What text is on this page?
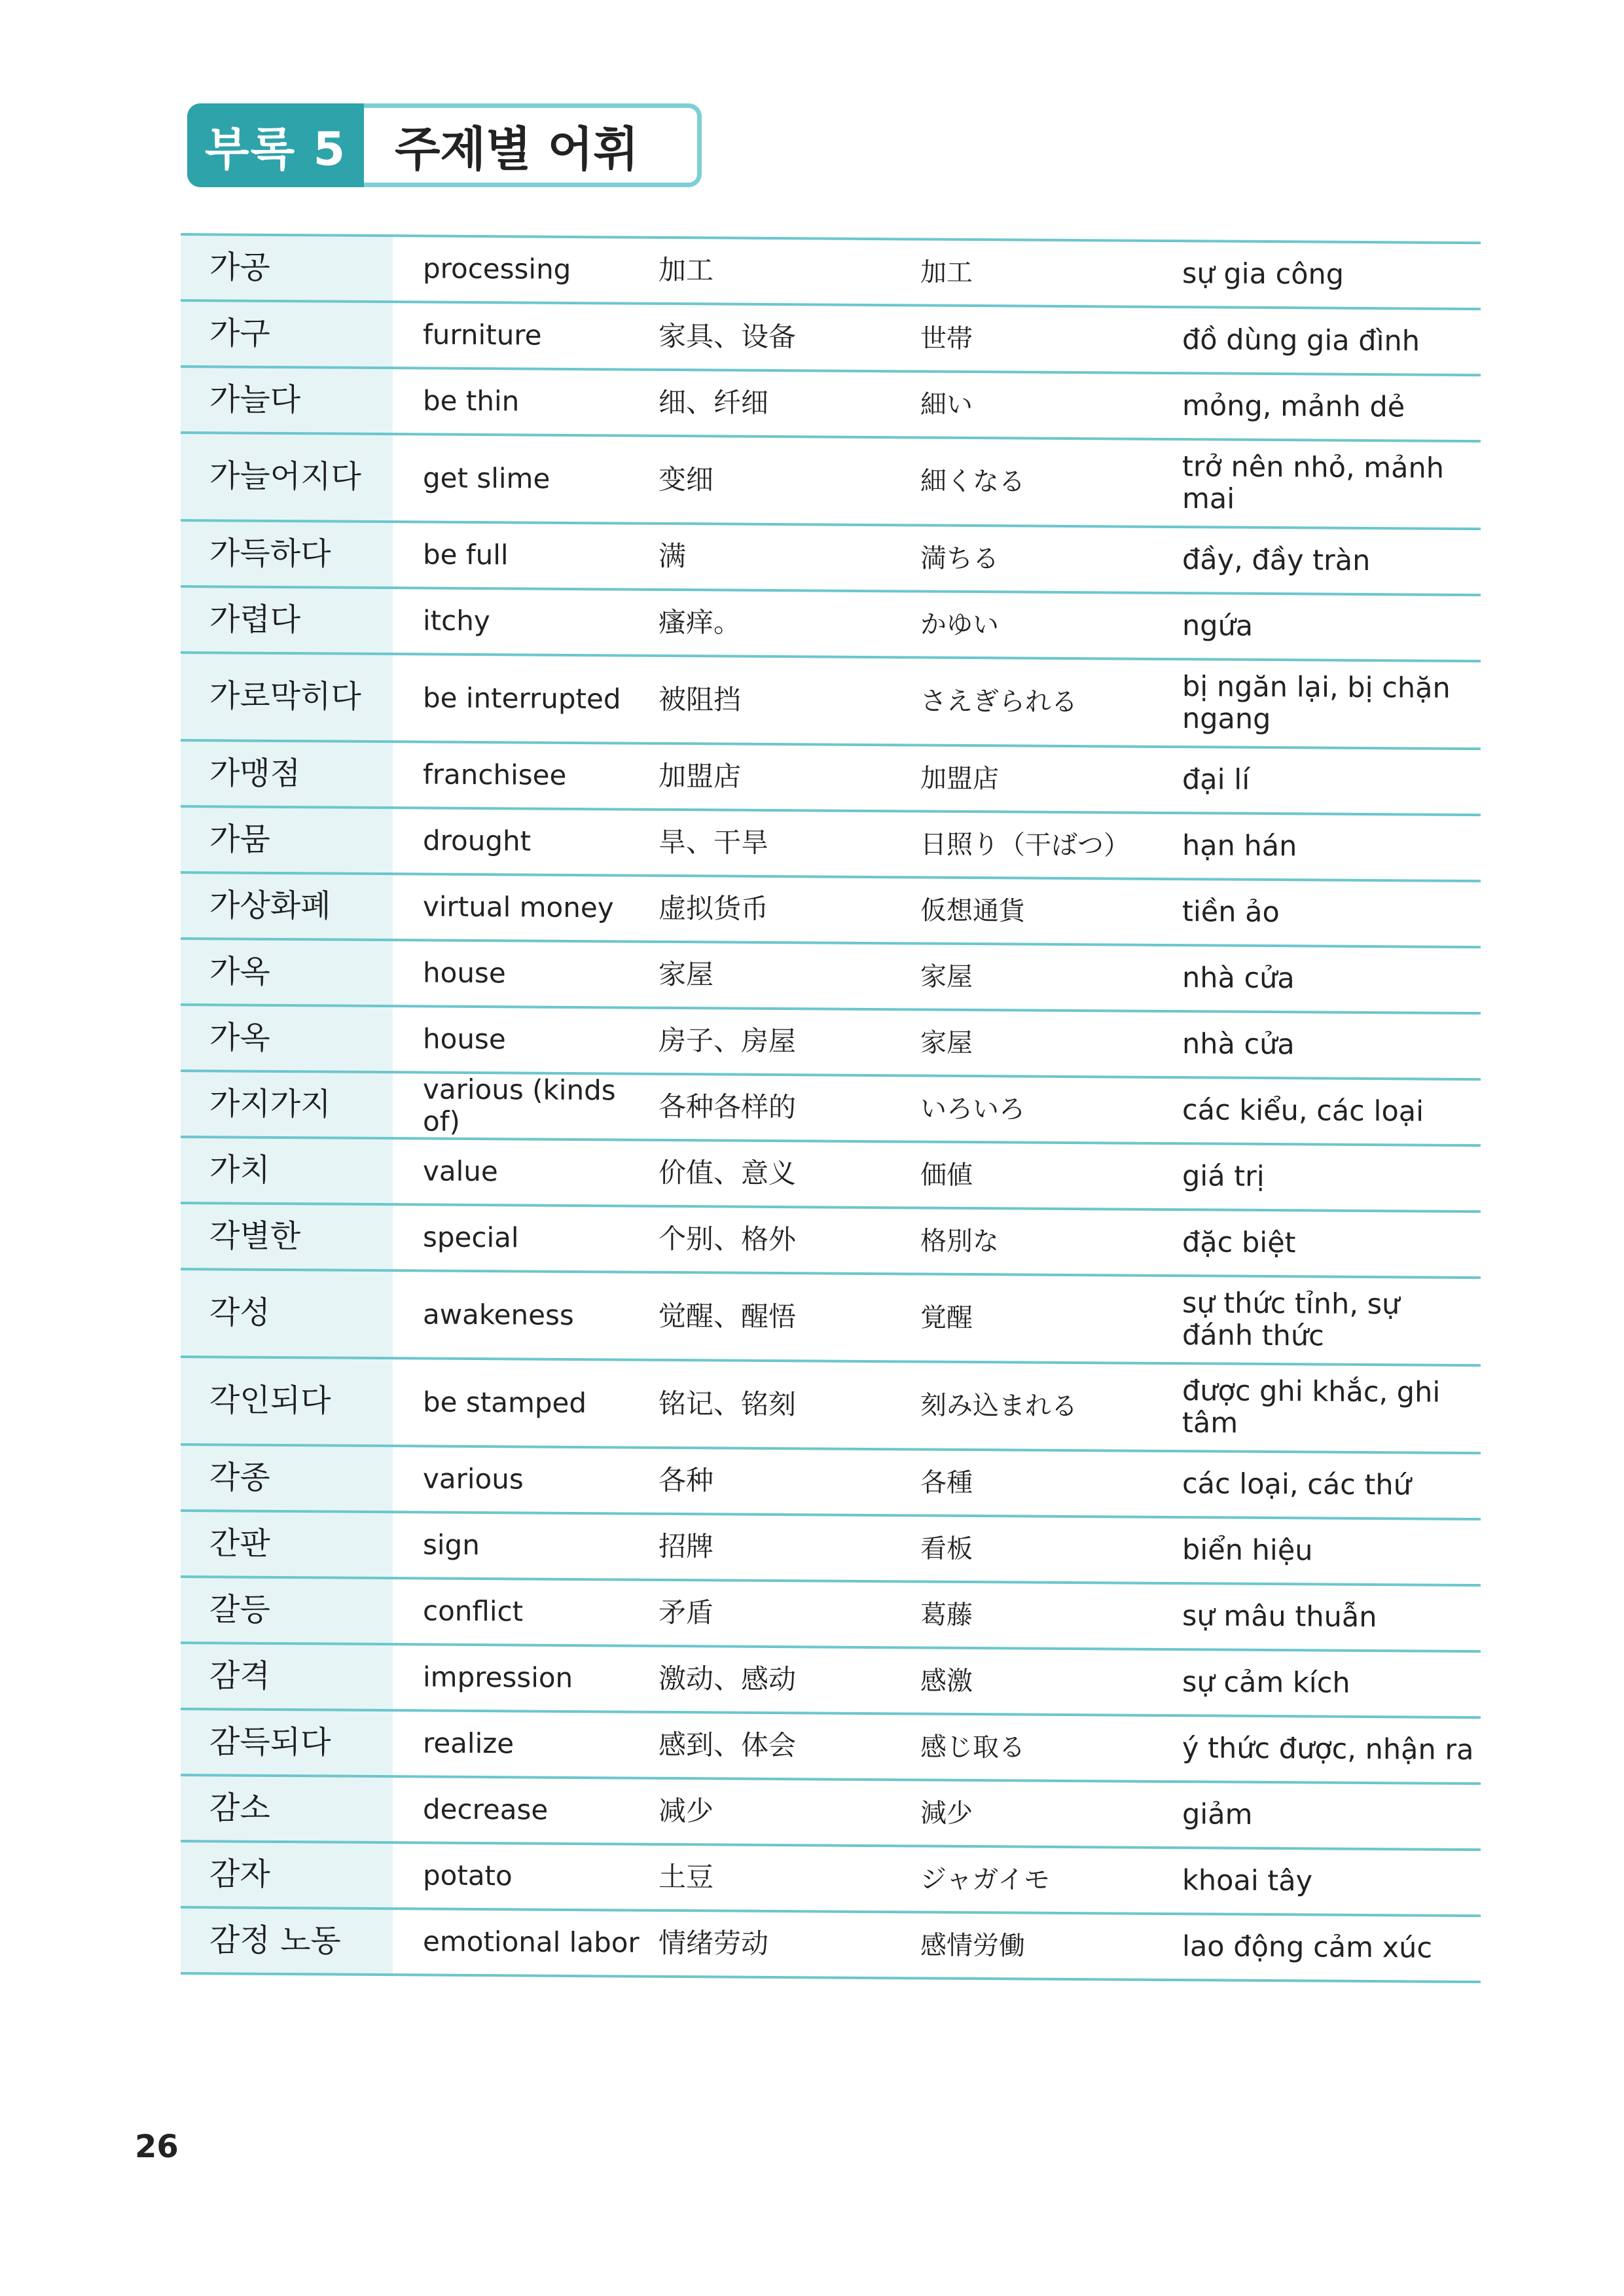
부록 5	주제별 어휘
가공	processing	加工	加工	sự gia công
가구	furniture	家具、设备	世帯	đồ dùng gia đình
가늘다	be thin	细、纤细	細い	mỏng, mảnh dẻ
가늘어지다	get slime	变细	細くなる	trở nên nhỏ, mảnh mai
가득하다	be full	满	満ちる	đầy, đầy tràn
가렵다	itchy	瘙痒。	かゆい	ngứa
가로막히다	be interrupted	被阻挡	さえぎられる	bị ngăn lại, bị chặn ngang
가맹점	franchisee	加盟店	加盟店	đại lí
가뭄	drought	旱、干旱	日照り（干ばつ）	hạn hán
가상화폐	virtual money	虚拟货币	仮想通貨	tiền ảo
가옥	house	家屋	家屋	nhà cửa
가옥	house	房子、房屋	家屋	nhà cửa
가지가지	various (kinds of)	各种各样的	いろいろ	các kiểu, các loại
가치	value	价值、意义	価値	giá trị
각별한	special	个别、格外	格別な	đặc biệt
각성	awakeness	觉醒、醒悟	覚醒	sự thức tỉnh, sự đánh thức
각인되다	be stamped	铭记、铭刻	刻み込まれる	được ghi khắc, ghi tâm
각종	various	各种	各種	các loại, các thứ
간판	sign	招牌	看板	biển hiệu
갈등	conflict	矛盾	葛藤	sự mâu thuẫn
감격	impression	激动、感动	感激	sự cảm kích
감득되다	realize	感到、体会	感じ取る	ý thức được, nhận ra
감소	decrease	减少	減少	giảm
감자	potato	土豆	ジャガイモ	khoai tây
감정 노동	emotional labor	情绪劳动	感情労働	lao động cảm xúc
26
